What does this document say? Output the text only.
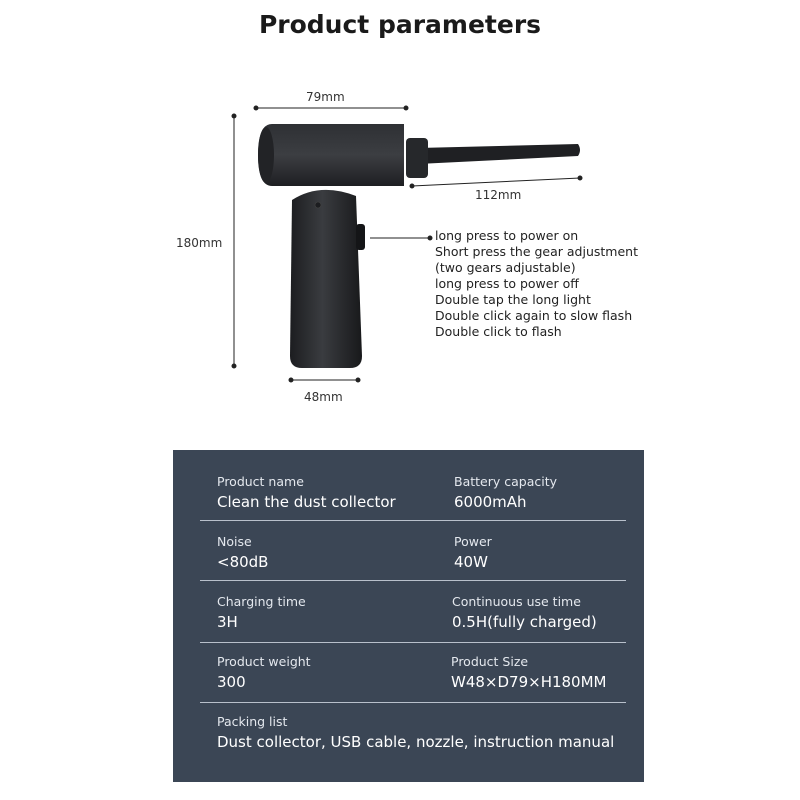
Product parameters
79mm
112mm
180mm
48mm
long press to power on
Short press the gear adjustment
(two gears adjustable)
long press to power off
Double tap the long light
Double click again to slow flash
Double click to flash
Product name
Clean the dust collector
Battery capacity
6000mAh
Noise
<80dB
Power
40W
Charging time
3H
Continuous use time
0.5H(fully charged)
Product weight
300
Product Size
W48×D79×H180MM
Packing list
Dust collector, USB cable, nozzle, instruction manual
